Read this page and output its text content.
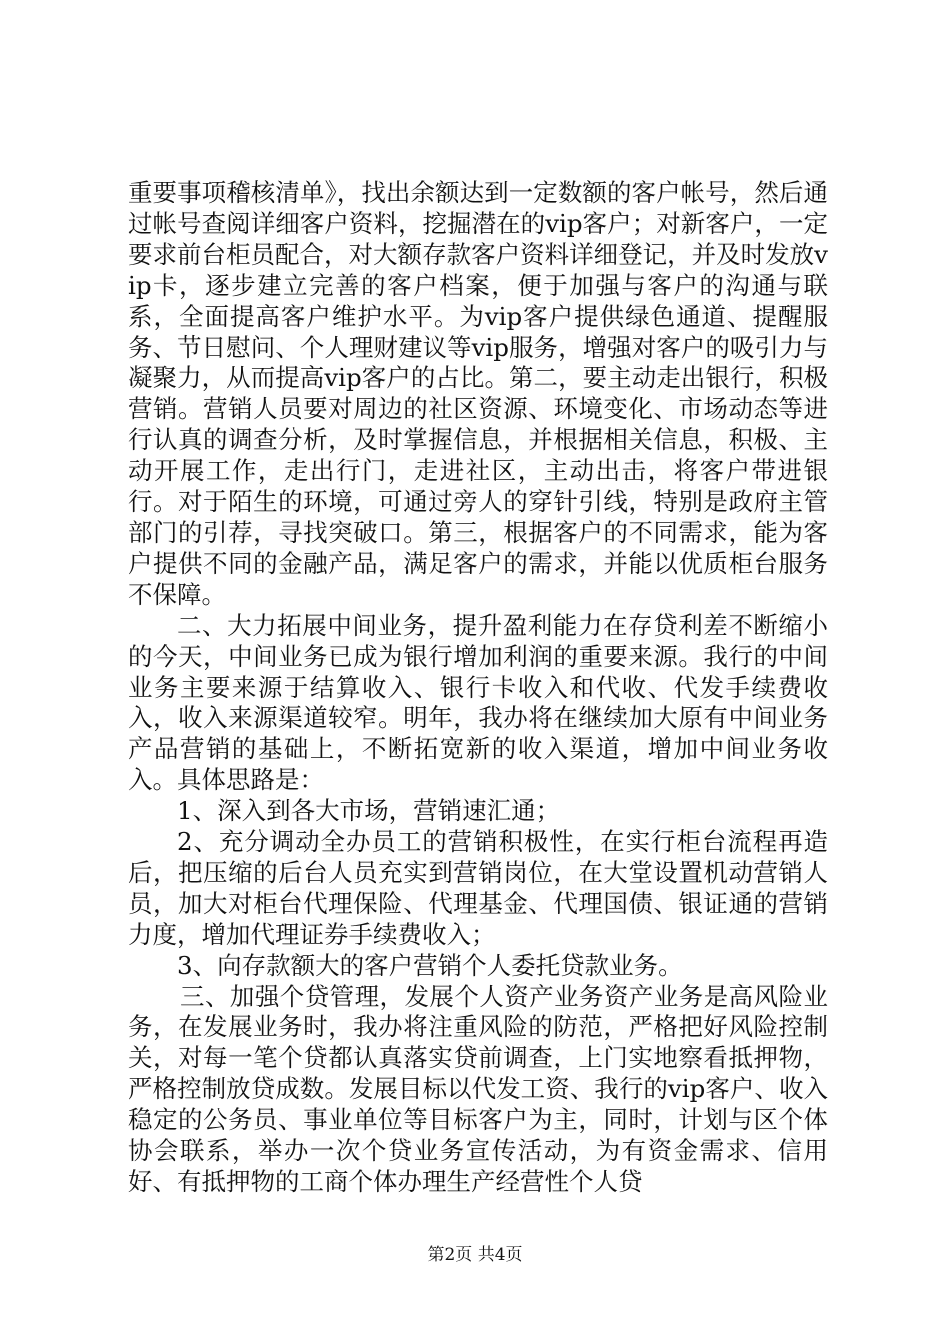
重要事项稽核清单》，找出余额达到一定数额的客户帐号，然后通过帐号查阅详细客户资料，挖掘潜在的vip客户；对新客户，一定要求前台柜员配合，对大额存款客户资料详细登记，并及时发放vip卡，逐步建立完善的客户档案，便于加强与客户的沟通与联系，全面提高客户维护水平。为vip客户提供绿色通道、提醒服务、节日慰问、个人理财建议等vip服务，增强对客户的吸引力与凝聚力，从而提高vip客户的占比。第二，要主动走出银行，积极营销。营销人员要对周边的社区资源、环境变化、市场动态等进行认真的调查分析，及时掌握信息，并根据相关信息，积极、主动开展工作，走出行门，走进社区，主动出击，将客户带进银行。对于陌生的环境，可通过旁人的穿针引线，特别是政府主管部门的引荐，寻找突破口。第三，根据客户的不同需求，能为客户提供不同的金融产品，满足客户的需求，并能以优质柜台服务不保障。

二、大力拓展中间业务，提升盈利能力在存贷利差不断缩小的今天，中间业务已成为银行增加利润的重要来源。我行的中间业务主要来源于结算收入、银行卡收入和代收、代发手续费收入，收入来源渠道较窄。明年，我办将在继续加大原有中间业务产品营销的基础上，不断拓宽新的收入渠道，增加中间业务收入。具体思路是：

1、深入到各大市场，营销速汇通；

2、充分调动全办员工的营销积极性，在实行柜台流程再造后，把压缩的后台人员充实到营销岗位，在大堂设置机动营销人员，加大对柜台代理保险、代理基金、代理国债、银证通的营销力度，增加代理证券手续费收入；

3、向存款额大的客户营销个人委托贷款业务。

三、加强个贷管理，发展个人资产业务资产业务是高风险业务，在发展业务时，我办将注重风险的防范，严格把好风险控制关，对每一笔个贷都认真落实贷前调查，上门实地察看抵押物，严格控制放贷成数。发展目标以代发工资、我行的vip客户、收入稳定的公务员、事业单位等目标客户为主，同时，计划与区个体协会联系，举办一次个贷业务宣传活动，为有资金需求、信用好、有抵押物的工商个体办理生产经营性个人贷

第2页 共4页
